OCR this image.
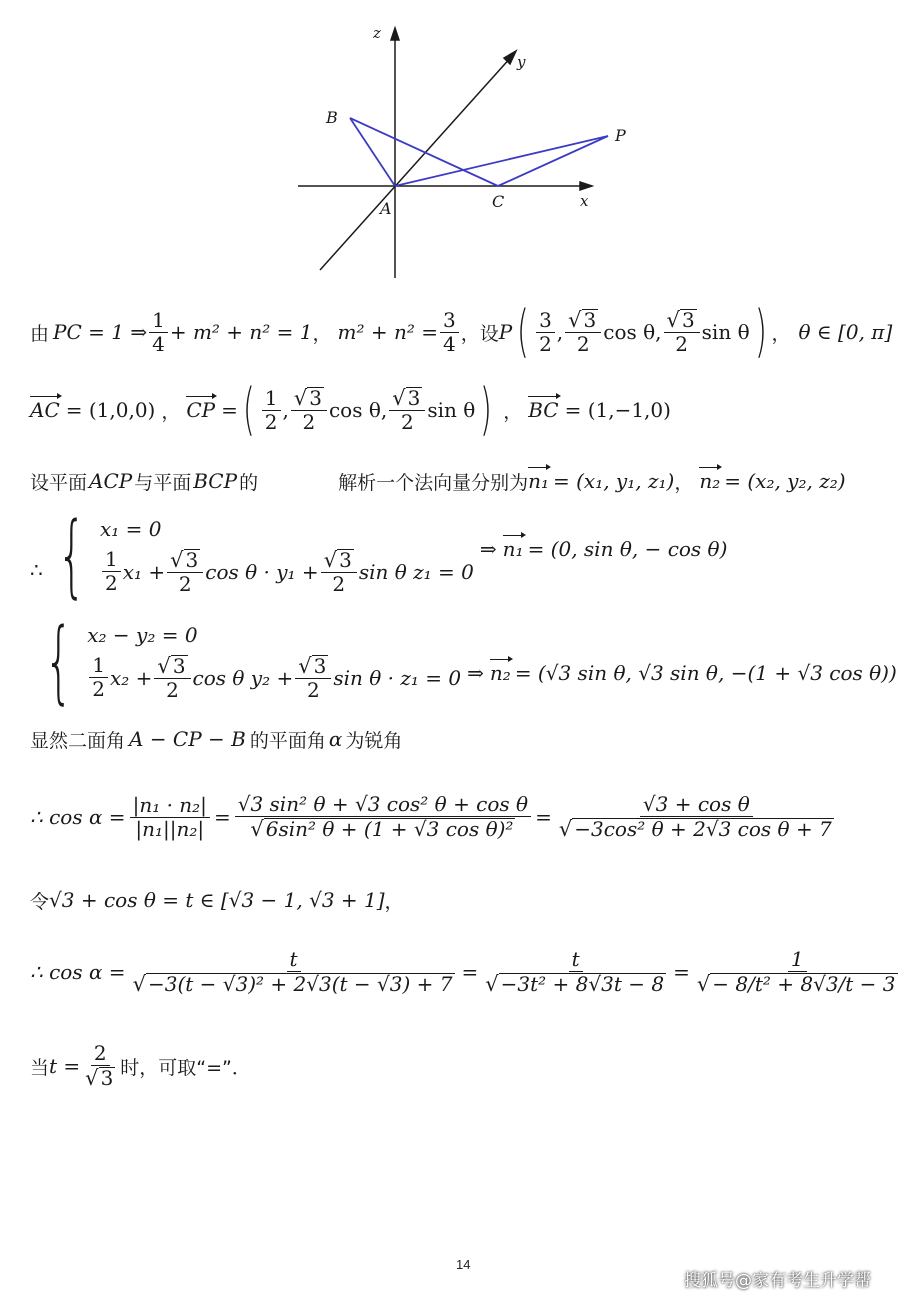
z
y
x
B
P
A	C
由 PC = 1 ⇒ $\frac{1}{4} + m^2 + n^2 = 1$ ， $m^2 + n^2 = \frac{3}{4}$ ，设 P ( $\frac{3}{2}$ , $\frac{√ 3}{2}$ cos θ, $\frac{√ 3}{2}$ sin θ ) ， θ ∈ [0, π]
AC = (1,0,0) ， CP = ( $\frac{1}{2}$ , $\frac{√ 3}{2}$ cos θ, $\frac{√ 3}{2}$ sin θ ) ， BC = (1,−1,0)
设平面 ACP 与平面 BCP 的	解析一个法向量分别为 n₁ = (x₁, y₁, z₁) ， n₂ = (x₂, y₂, z₂)
∴ { x₁ = 0
$\frac{1}{2} x_1 + \frac{√ 3}{2}$ $\cos \theta \cdot y_1 + \frac{√ 3}{2}$ sin θ z₁ = 0
⇒ n₁ = (0, sin θ, − cos θ)
{ x₂ − y₂ = 0
$\frac{1}{2} x_2 + \frac{√ 3}{2}$ cos θ $y_2 + \frac{√ 3}{2}$ sin θ · z₁ = 0 ⇒ n₂ = (√3 sin θ, √3 sin θ, −(1 + √3 cos θ))
显然二面角 A − CP − B 的平面角 α 为锐角
∴ $\cos \alpha = \frac{\text{|n₁ · n₂|}}{\text{|n₁||n₂|}} = \frac{\text{√3 sin² θ + √3 cos² θ + cos θ}}{\text{√ 6sin² θ + (1 + √3 cos θ)²}} = \frac{\text{√3 + cos θ}}{\text{√ −3cos² θ + 2√3 cos θ + 7}}$
令 √3 + cos θ = t ∈ [√3 − 1, √3 + 1] ，
∴ $\cos \alpha = \frac{t}{\text{√ −3(t − √3)² + 2√3(t − √3) + 7}} = \frac{t}{\text{√ −3t² + 8√3t − 8}} = \frac{1}{\text{√ − 8/t² + 8√3/t − 3}}$
当 $t = \frac{2}{√ 3}$ 时，可取“=”．
14
搜狐号@家有考生升学帮
